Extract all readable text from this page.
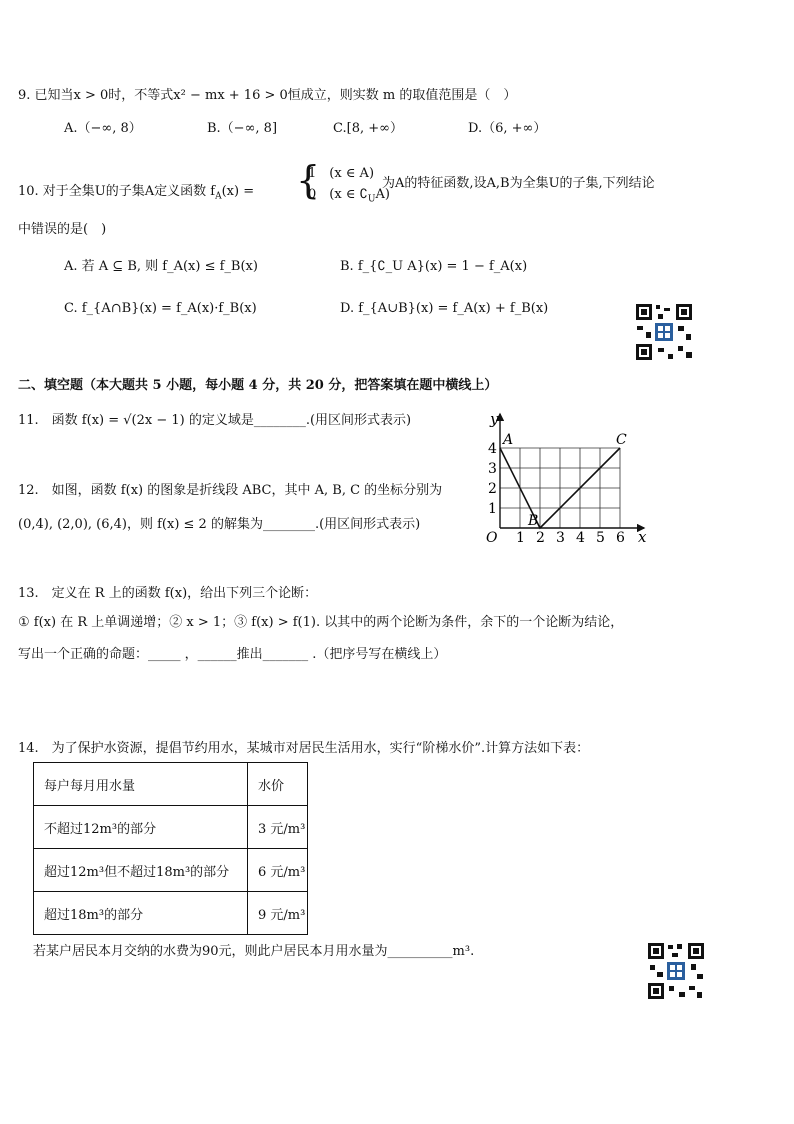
9. 已知当x > 0时，不等式x² − mx + 16 > 0恒成立，则实数 m 的取值范围是（　）
A.（−∞, 8）	B.（−∞, 8]	C.[8, +∞）	D.（6, +∞）
10. 对于全集U的子集A定义函数 $f_A(x)$ = {
1　(x ∈ A)
0　(x ∈ $∁_UA$)
为A的特征函数,设A,B为全集U的子集,下列结论
中错误的是(　)
A. 若 A ⊆ B, 则 f_A(x) ≤ f_B(x)	B. f_{∁_U A}(x) = 1 − f_A(x)
C. f_{A∩B}(x) = f_A(x)·f_B(x)	D. f_{A∪B}(x) = f_A(x) + f_B(x)
二、填空题（本大题共 5 小题，每小题 4 分，共 20 分，把答案填在题中横线上）
11.　函数 f(x) = √(2x − 1) 的定义域是________.(用区间形式表示)
12.　如图，函数 f(x) 的图象是折线段 ABC，其中 A, B, C 的坐标分别为
(0,4), (2,0), (6,4)，则 f(x) ≤ 2 的解集为________.(用区间形式表示)
y
x
O
A
B
C
1 2 3 4 5 6
1
2
3
4
13.　定义在 R 上的函数 f(x)，给出下列三个论断：
① f(x) 在 R 上单调递增；② x > 1；③ f(x) > f(1). 以其中的两个论断为条件，余下的一个论断为结论，
写出一个正确的命题：_____ ，______推出_______ .（把序号写在横线上）
14.　为了保护水资源，提倡节约用水，某城市对居民生活用水，实行“阶梯水价”.计算方法如下表：
每户每月用水量	水价
不超过12m³的部分	3 元/m³
超过12m³但不超过18m³的部分	6 元/m³
超过18m³的部分	9 元/m³
若某户居民本月交纳的水费为90元，则此户居民本月用水量为__________m³.
